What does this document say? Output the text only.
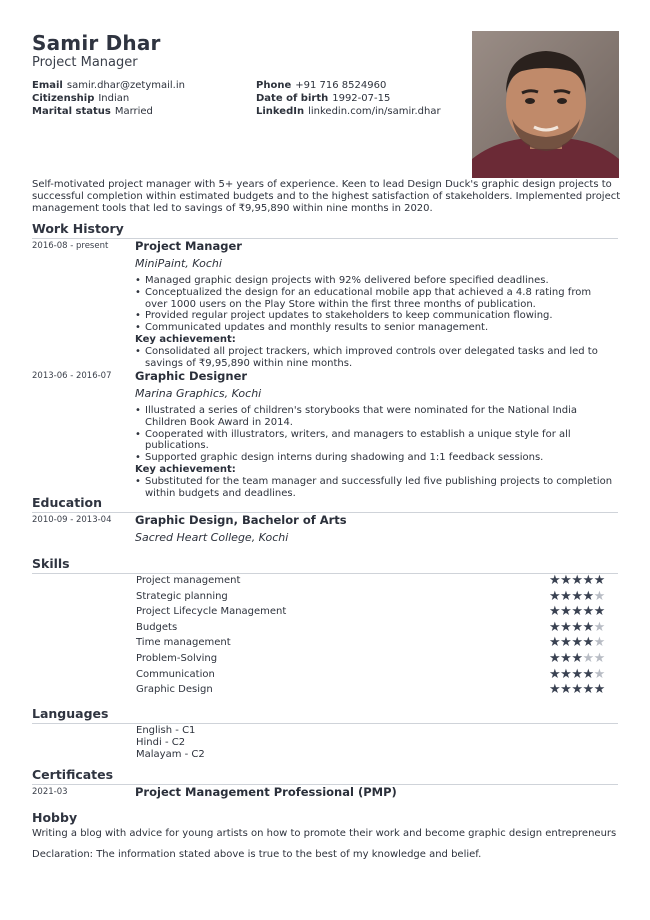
Samir Dhar
Project Manager
Email samir.dhar@zetymail.in
Citizenship Indian
Marital status Married
Phone +91 716 8524960
Date of birth 1992-07-15
LinkedIn linkedin.com/in/samir.dhar
Self-motivated project manager with 5+ years of experience. Keen to lead Design Duck's graphic design projects to successful completion within estimated budgets and to the highest satisfaction of stakeholders. Implemented project management tools that led to savings of ₹9,95,890 within nine months in 2020.
Work History
2016-08 - present Project Manager
MiniPaint, Kochi
• Managed graphic design projects with 92% delivered before specified deadlines.
• Conceptualized the design for an educational mobile app that achieved a 4.8 rating from over 1000 users on the Play Store within the first three months of publication.
• Provided regular project updates to stakeholders to keep communication flowing.
• Communicated updates and monthly results to senior management.
Key achievement:
• Consolidated all project trackers, which improved controls over delegated tasks and led to savings of ₹9,95,890 within nine months.
2013-06 - 2016-07 Graphic Designer
Marina Graphics, Kochi
• Illustrated a series of children's storybooks that were nominated for the National India Children Book Award in 2014.
• Cooperated with illustrators, writers, and managers to establish a unique style for all publications.
• Supported graphic design interns during shadowing and 1:1 feedback sessions.
Key achievement:
• Substituted for the team manager and successfully led five publishing projects to completion within budgets and deadlines.
Education
2010-09 - 2013-04 Graphic Design, Bachelor of Arts
Sacred Heart College, Kochi
Skills
Project management	★★★★★
Strategic planning	★★★★★
Project Lifecycle Management	★★★★★
Budgets	★★★★★
Time management	★★★★★
Problem-Solving	★★★★★
Communication	★★★★★
Graphic Design	★★★★★
Languages
English - C1
Hindi - C2
Malayam - C2
Certificates
2021-03	Project Management Professional (PMP)
Hobby
Writing a blog with advice for young artists on how to promote their work and become graphic design entrepreneurs
Declaration: The information stated above is true to the best of my knowledge and belief.
